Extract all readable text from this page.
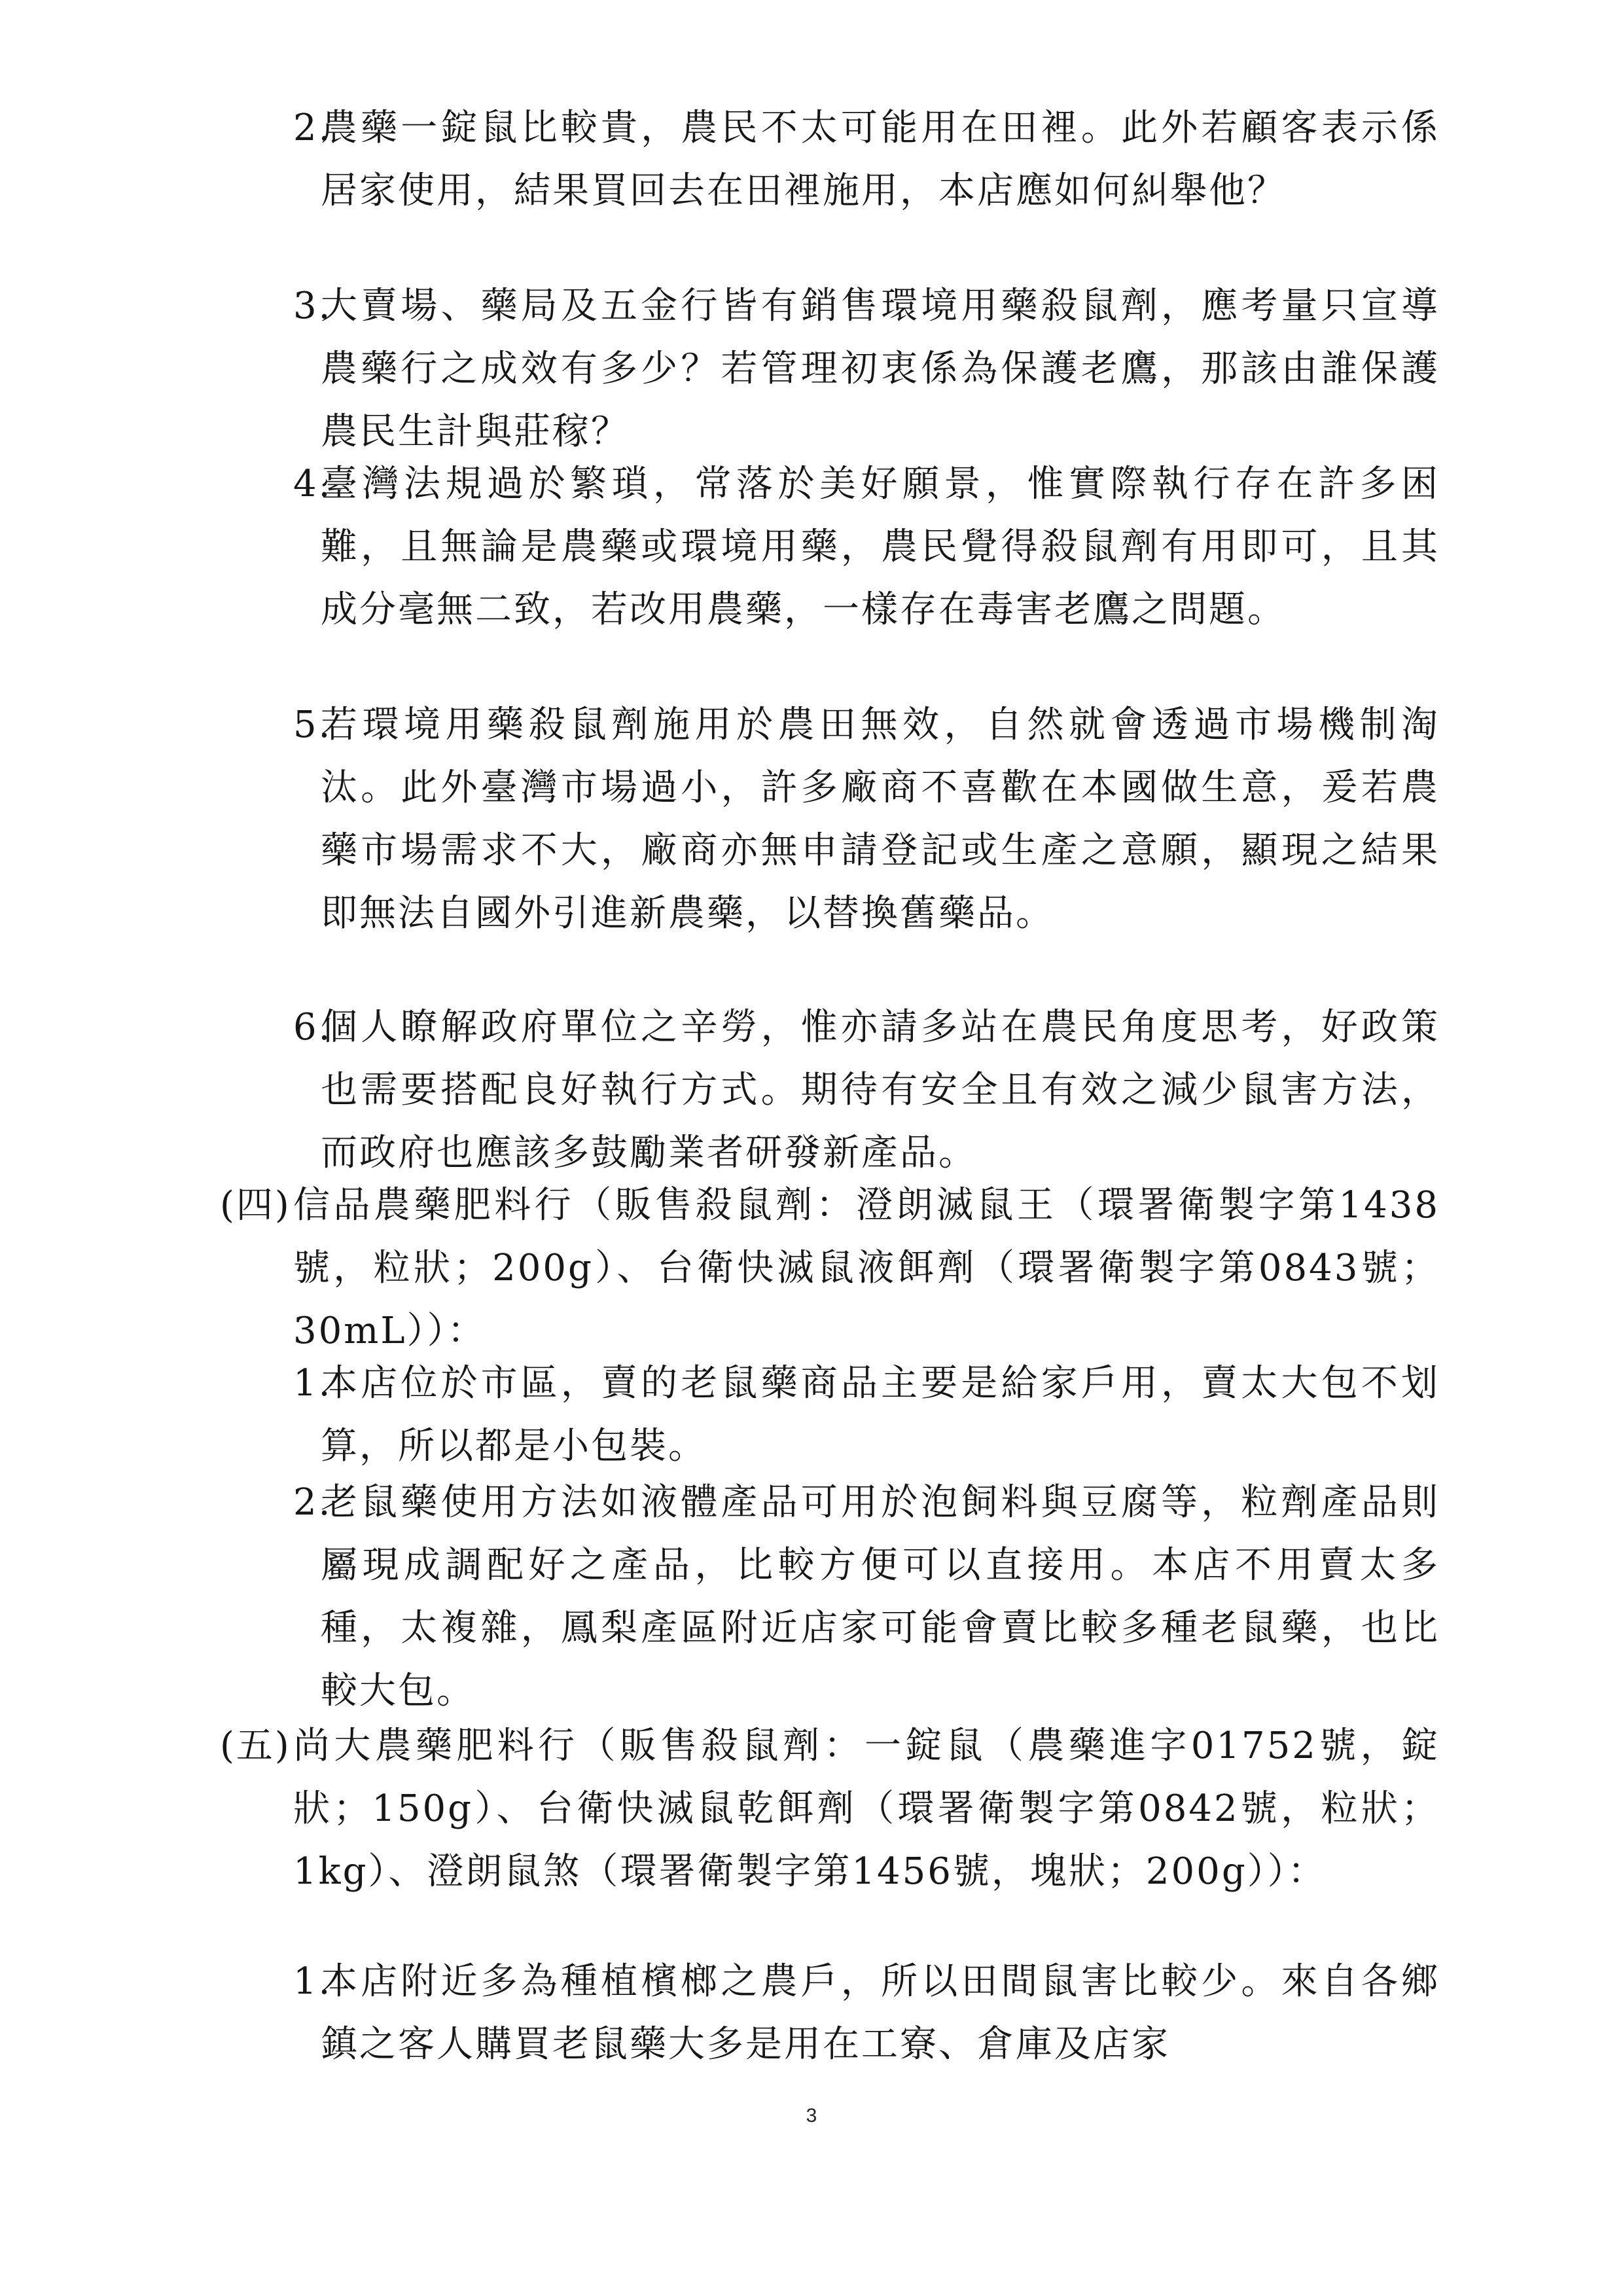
2.
農藥一錠鼠比較貴，農民不太可能用在田裡。此外若顧客表示係居家使用，結果買回去在田裡施用，本店應如何糾舉他？
3.
大賣場、藥局及五金行皆有銷售環境用藥殺鼠劑，應考量只宣導農藥行之成效有多少？若管理初衷係為保護老鷹，那該由誰保護農民生計與莊稼？
4.
臺灣法規過於繁瑣，常落於美好願景，惟實際執行存在許多困難，且無論是農藥或環境用藥，農民覺得殺鼠劑有用即可，且其成分毫無二致，若改用農藥，一樣存在毒害老鷹之問題。
5.
若環境用藥殺鼠劑施用於農田無效，自然就會透過市場機制淘汰。此外臺灣市場過小，許多廠商不喜歡在本國做生意，爰若農藥市場需求不大，廠商亦無申請登記或生產之意願，顯現之結果即無法自國外引進新農藥，以替換舊藥品。
6.
個人瞭解政府單位之辛勞，惟亦請多站在農民角度思考，好政策也需要搭配良好執行方式。期待有安全且有效之減少鼠害方法，而政府也應該多鼓勵業者研發新產品。
(四) 信品農藥肥料行（販售殺鼠劑：澄朗滅鼠王（環署衛製字第1438號，粒狀；200g）、台衛快滅鼠液餌劑（環署衛製字第0843號；30mL））：
1.
本店位於市區，賣的老鼠藥商品主要是給家戶用，賣太大包不划算，所以都是小包裝。
2.
老鼠藥使用方法如液體產品可用於泡飼料與豆腐等，粒劑產品則屬現成調配好之產品，比較方便可以直接用。本店不用賣太多種，太複雜，鳳梨產區附近店家可能會賣比較多種老鼠藥，也比較大包。
(五) 尚大農藥肥料行（販售殺鼠劑：一錠鼠（農藥進字01752號，錠狀；150g）、台衛快滅鼠乾餌劑（環署衛製字第0842號，粒狀；1kg）、澄朗鼠煞（環署衛製字第1456號，塊狀；200g））：
1.
本店附近多為種植檳榔之農戶，所以田間鼠害比較少。來自各鄉鎮之客人購買老鼠藥大多是用在工寮、倉庫及店家
3
